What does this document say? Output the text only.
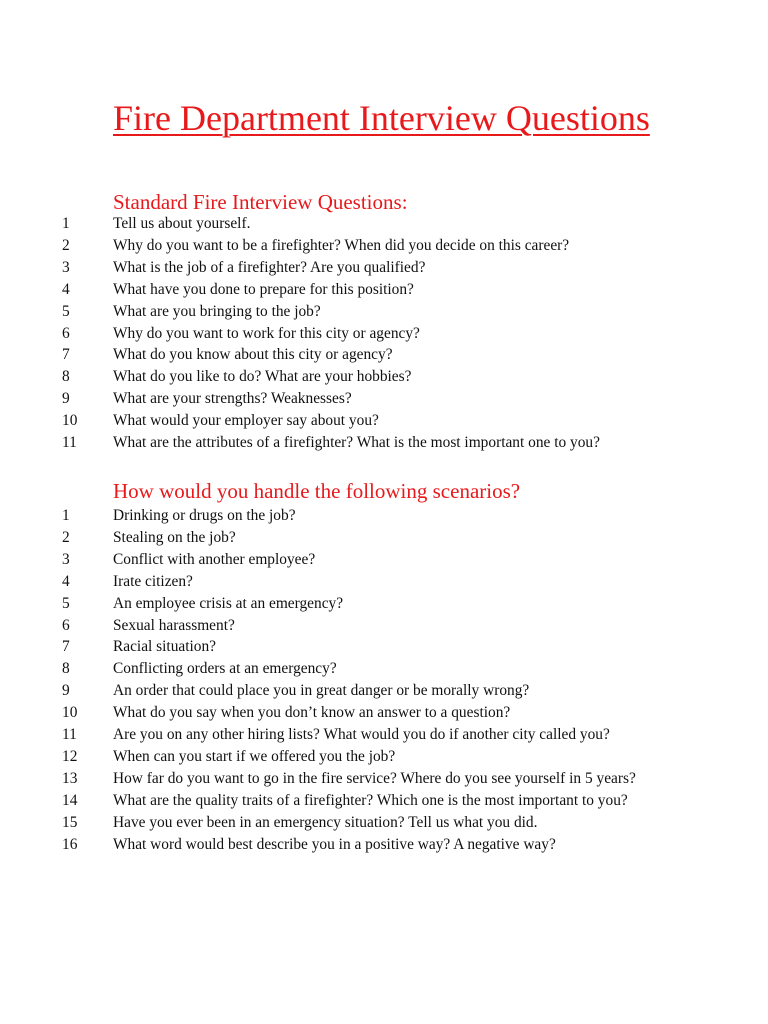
Fire Department Interview Questions
Standard Fire Interview Questions:
1	Tell us about yourself.
2	Why do you want to be a firefighter? When did you decide on this career?
3	What is the job of a firefighter? Are you qualified?
4	What have you done to prepare for this position?
5	What are you bringing to the job?
6	Why do you want to work for this city or agency?
7	What do you know about this city or agency?
8	What do you like to do? What are your hobbies?
9	What are your strengths? Weaknesses?
10	What would your employer say about you?
11	What are the attributes of a firefighter? What is the most important one to you?
How would you handle the following scenarios?
1	Drinking or drugs on the job?
2	Stealing on the job?
3	Conflict with another employee?
4	Irate citizen?
5	An employee crisis at an emergency?
6	Sexual harassment?
7	Racial situation?
8	Conflicting orders at an emergency?
9	An order that could place you in great danger or be morally wrong?
10	What do you say when you don’t know an answer to a question?
11	Are you on any other hiring lists? What would you do if another city called you?
12	When can you start if we offered you the job?
13	How far do you want to go in the fire service? Where do you see yourself in 5 years?
14	What are the quality traits of a firefighter? Which one is the most important to you?
15	Have you ever been in an emergency situation? Tell us what you did.
16	What word would best describe you in a positive way? A negative way?
